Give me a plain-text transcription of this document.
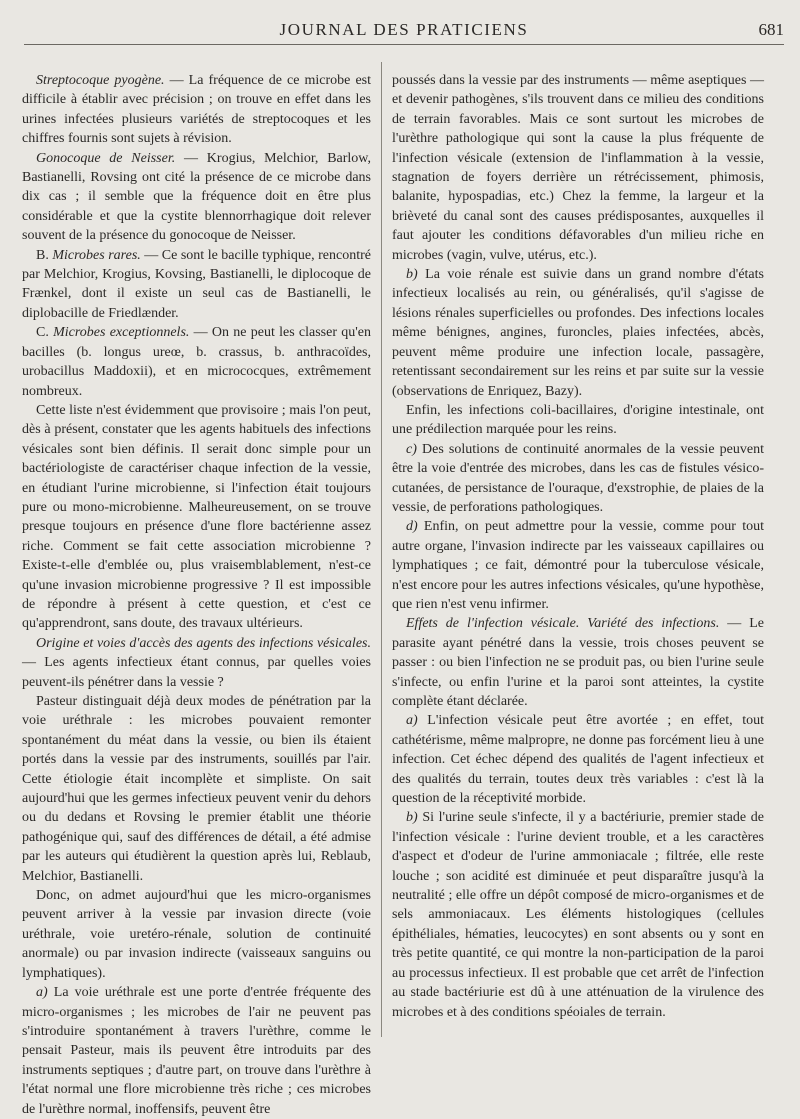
JOURNAL DES PRATICIENS	681

Streptocoque pyogène. — La fréquence de ce microbe est difficile à établir avec précision ; on trouve en effet dans les urines infectées plusieurs variétés de streptocoques et les chiffres fournis sont sujets à révision.

Gonocoque de Neisser. — Krogius, Melchior, Barlow, Bastianelli, Rovsing ont cité la présence de ce microbe dans dix cas ; il semble que la fréquence doit en être plus considérable et que la cystite blennorrhagique doit relever souvent de la présence du gonocoque de Neisser.

B. Microbes rares. — Ce sont le bacille typhique, rencontré par Melchior, Krogius, Kovsing, Bastianelli, le diplocoque de Frænkel, dont il existe un seul cas de Bastianelli, le diplobacille de Friedlænder.

C. Microbes exceptionnels. — On ne peut les classer qu'en bacilles (b. longus ureœ, b. crassus, b. anthracoïdes, urobacillus Maddoxii), et en micrococques, extrêmement nombreux.

Cette liste n'est évidemment que provisoire ; mais l'on peut, dès à présent, constater que les agents habituels des infections vésicales sont bien définis. Il serait donc simple pour un bactériologiste de caractériser chaque infection de la vessie, en étudiant l'urine microbienne, si l'infection était toujours pure ou mono-microbienne. Malheureusement, on se trouve presque toujours en présence d'une flore bactérienne assez riche. Comment se fait cette association microbienne ? Existe-t-elle d'emblée ou, plus vraisemblablement, n'est-ce qu'une invasion microbienne progressive ? Il est impossible de répondre à présent à cette question, et c'est ce qu'apprendront, sans doute, des travaux ultérieurs.

Origine et voies d'accès des agents des infections vésicales. — Les agents infectieux étant connus, par quelles voies peuvent-ils pénétrer dans la vessie ?

Pasteur distinguait déjà deux modes de pénétration par la voie uréthrale : les microbes pouvaient remonter spontanément du méat dans la vessie, ou bien ils étaient portés dans la vessie par des instruments, souillés par l'air. Cette étiologie était incomplète et simpliste. On sait aujourd'hui que les germes infectieux peuvent venir du dehors ou du dedans et Rovsing le premier établit une théorie pathogénique qui, sauf des différences de détail, a été admise par les auteurs qui étudièrent la question après lui, Reblaub, Melchior, Bastianelli.

Donc, on admet aujourd'hui que les micro-organismes peuvent arriver à la vessie par invasion directe (voie uréthrale, voie uretéro-rénale, solution de continuité anormale) ou par invasion indirecte (vaisseaux sanguins ou lymphatiques).

a) La voie uréthrale est une porte d'entrée fréquente des micro-organismes ; les microbes de l'air ne peuvent pas s'introduire spontanément à travers l'urèthre, comme le pensait Pasteur, mais ils peuvent être introduits par des instruments septiques ; d'autre part, on trouve dans l'urèthre à l'état normal une flore microbienne très riche ; ces microbes de l'urèthre normal, inoffensifs, peuvent être

poussés dans la vessie par des instruments — même aseptiques — et devenir pathogènes, s'ils trouvent dans ce milieu des conditions de terrain favorables. Mais ce sont surtout les microbes de l'urèthre pathologique qui sont la cause la plus fréquente de l'infection vésicale (extension de l'inflammation à la vessie, stagnation de foyers derrière un rétrécissement, phimosis, balanite, hypospadias, etc.) Chez la femme, la largeur et la brièveté du canal sont des causes prédisposantes, auxquelles il faut ajouter les conditions défavorables d'un milieu riche en microbes (vagin, vulve, utérus, etc.).

b) La voie rénale est suivie dans un grand nombre d'états infectieux localisés au rein, ou généralisés, qu'il s'agisse de lésions rénales superficielles ou profondes. Des infections locales même bénignes, angines, furoncles, plaies infectées, abcès, peuvent même produire une infection locale, passagère, retentissant secondairement sur les reins et par suite sur la vessie (observations de Enriquez, Bazy).

Enfin, les infections coli-bacillaires, d'origine intestinale, ont une prédilection marquée pour les reins.

c) Des solutions de continuité anormales de la vessie peuvent être la voie d'entrée des microbes, dans les cas de fistules vésico-cutanées, de persistance de l'ouraque, d'exstrophie, de plaies de la vessie, de perforations pathologiques.

d) Enfin, on peut admettre pour la vessie, comme pour tout autre organe, l'invasion indirecte par les vaisseaux capillaires ou lymphatiques ; ce fait, démontré pour la tuberculose vésicale, n'est encore pour les autres infections vésicales, qu'une hypothèse, que rien n'est venu infirmer.

Effets de l'infection vésicale. Variété des infections. — Le parasite ayant pénétré dans la vessie, trois choses peuvent se passer : ou bien l'infection ne se produit pas, ou bien l'urine seule s'infecte, ou enfin l'urine et la paroi sont atteintes, la cystite complète étant déclarée.

a) L'infection vésicale peut être avortée ; en effet, tout cathétérisme, même malpropre, ne donne pas forcément lieu à une infection. Cet échec dépend des qualités de l'agent infectieux et des qualités du terrain, toutes deux très variables : c'est là la question de la réceptivité morbide.

b) Si l'urine seule s'infecte, il y a bactériurie, premier stade de l'infection vésicale : l'urine devient trouble, et a les caractères d'aspect et d'odeur de l'urine ammoniacale ; filtrée, elle reste louche ; son acidité est diminuée et peut disparaître jusqu'à la neutralité ; elle offre un dépôt composé de micro-organismes et de sels ammoniacaux. Les éléments histologiques (cellules épithéliales, hématies, leucocytes) en sont absents ou y sont en très petite quantité, ce qui montre la non-participation de la paroi au processus infectieux. Il est probable que cet arrêt de l'infection au stade bactériurie est dû à une atténuation de la virulence des microbes et à des conditions spéoiales de terrain.
